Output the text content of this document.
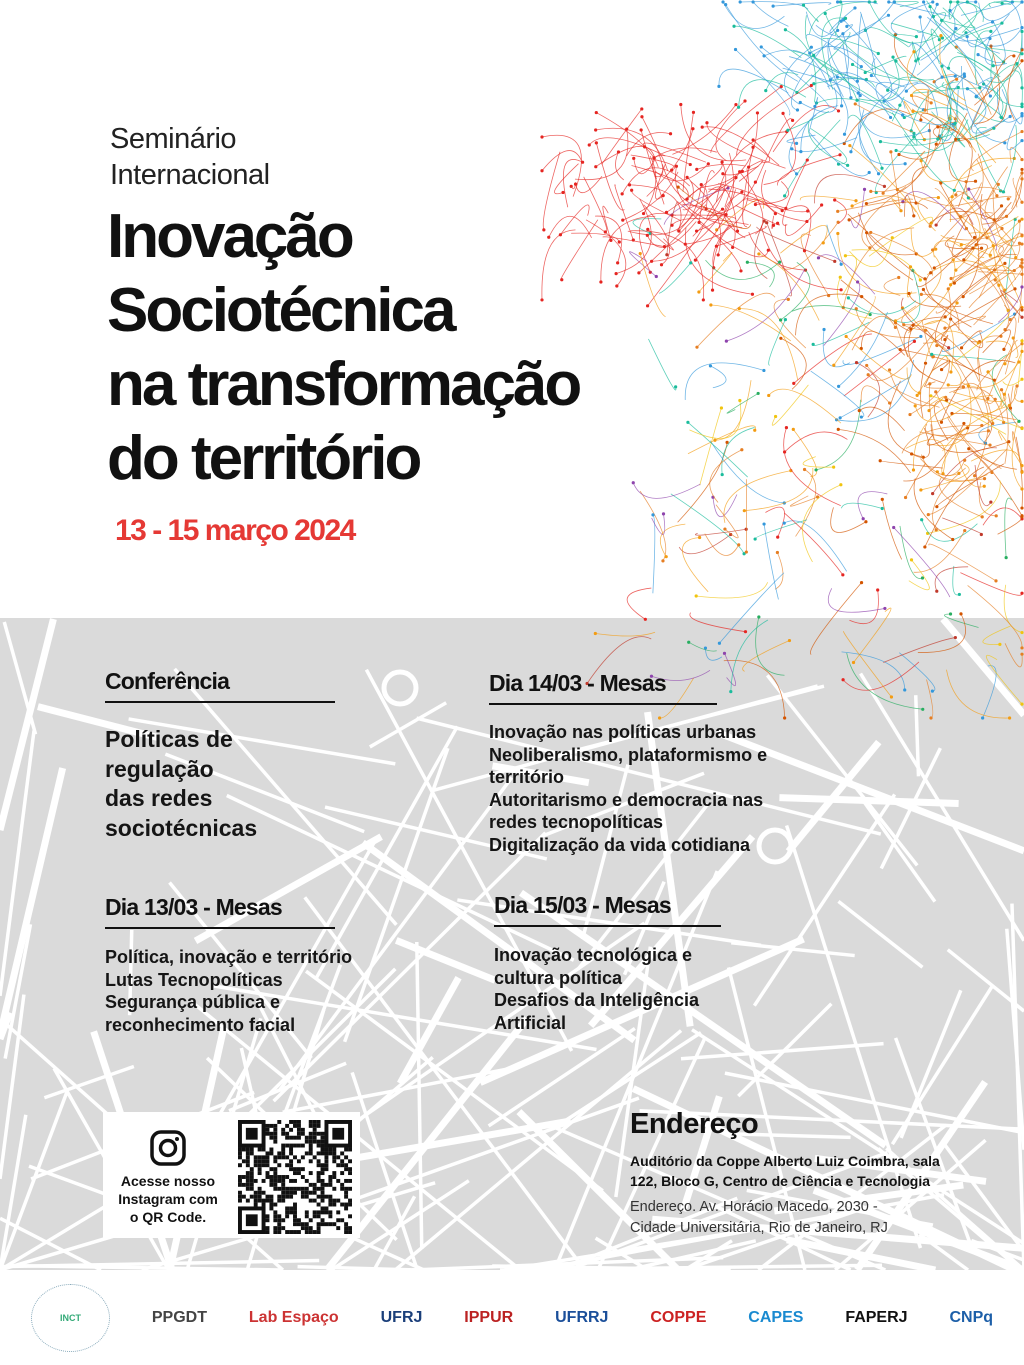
Seminário
Internacional
Inovação
Sociotécnica
na transformação
do território
13 - 15 março 2024
Conferência
Políticas de
regulação
das redes
sociotécnicas
Dia 14/03 - Mesas
Inovação nas políticas urbanas
Neoliberalismo, plataformismo e
território
Autoritarismo e democracia nas
redes tecnopolíticas
Digitalização da vida cotidiana
Dia 13/03 - Mesas
Política, inovação e território
Lutas Tecnopolíticas
Segurança pública e
reconhecimento facial
Dia 15/03 - Mesas
Inovação tecnológica e
cultura política
Desafios da Inteligência
Artificial
Acesse nosso
Instagram com
o QR Code.
Endereço
Auditório da Coppe Alberto Luiz Coimbra, sala
122, Bloco G, Centro de Ciência e Tecnologia
Endereço. Av. Horácio Macedo, 2030 -
Cidade Universitária, Rio de Janeiro, RJ
INCT	PPGDT	Lab Espaço	UFRJ	IPPUR	UFRRJ	COPPE	CAPES	FAPERJ	CNPq
